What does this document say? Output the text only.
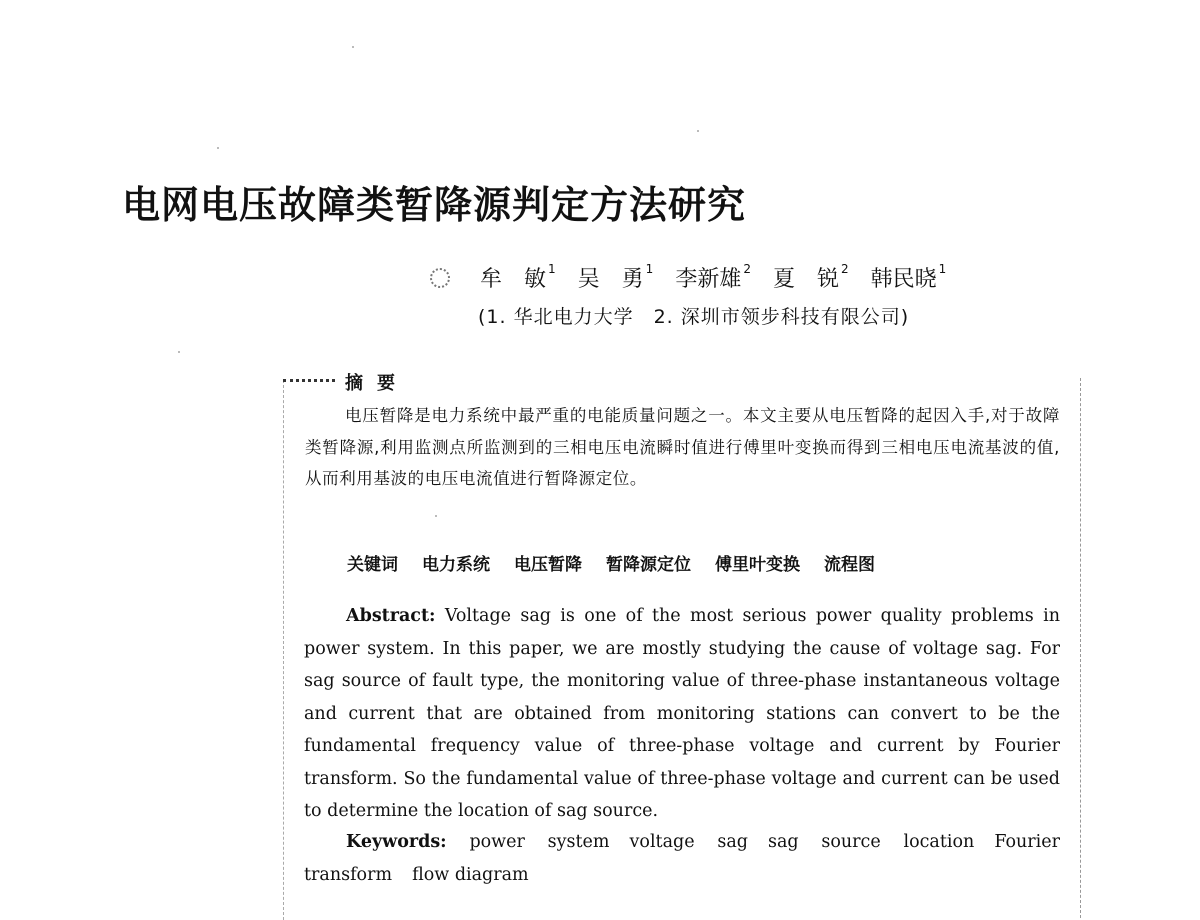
电网电压故障类暂降源判定方法研究
牟　敏 $^1$ 吴　勇 $^1$ 李新雄 $^2$ 夏　锐 $^2$ 韩民晓 $^1$
(1. 华北电力大学　2. 深圳市领步科技有限公司)
摘要
电压暂降是电力系统中最严重的电能质量问题之一。本文主要从电压暂降的起因入手,对于故障类暂降源,利用监测点所监测到的三相电压电流瞬时值进行傅里叶变换而得到三相电压电流基波的值,从而利用基波的电压电流值进行暂降源定位。
关键词 电力系统 电压暂降 暂降源定位 傅里叶变换 流程图
Abstract: Voltage sag is one of the most serious power quality problems in power system. In this paper, we are mostly studying the cause of voltage sag. For sag source of fault type, the monitoring value of three-phase instantaneous voltage and current that are obtained from monitoring stations can convert to be the fundamental frequency value of three-phase voltage and current by Fourier transform. So the fundamental value of three-phase voltage and current can be used to determine the location of sag source.
Keywords: power system voltage sag sag source location Fourier transform flow diagram
